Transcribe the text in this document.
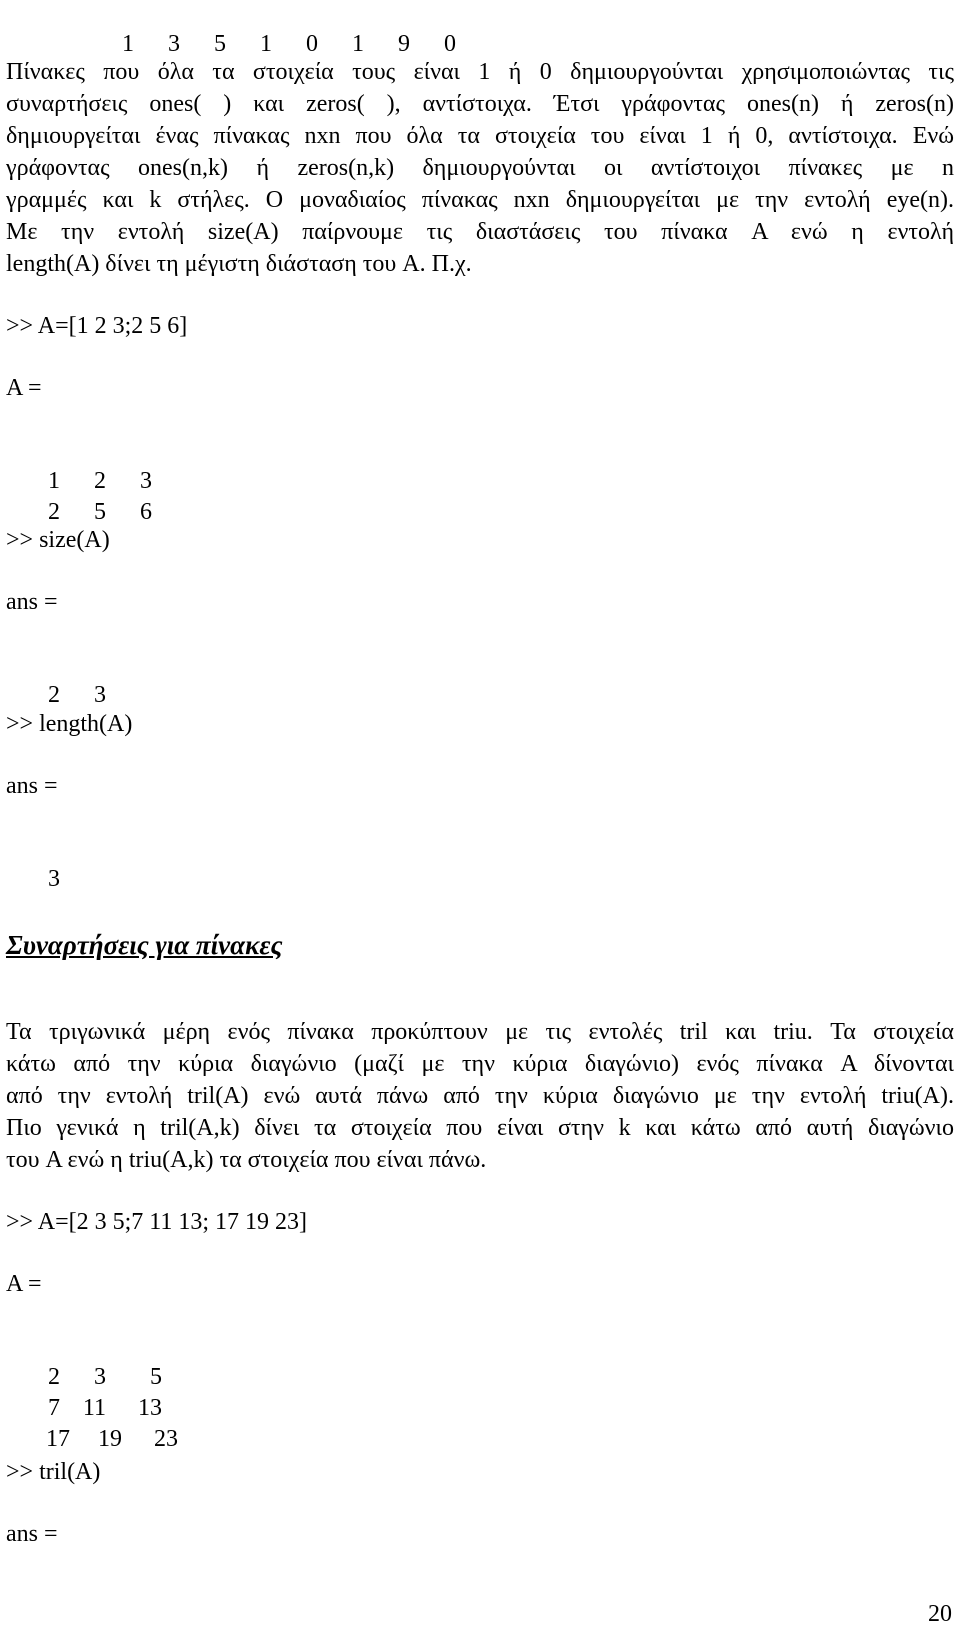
1 3 5 1 0 1 9 0

Πίνακες που όλα τα στοιχεία τους είναι 1 ή 0 δημιουργούνται χρησιμοποιώντας τις
συναρτήσεις ones( ) και zeros( ), αντίστοιχα. Έτσι γράφοντας ones(n) ή zeros(n)
δημιουργείται ένας πίνακας nxn που όλα τα στοιχεία του είναι 1 ή 0, αντίστοιχα. Ενώ
γράφοντας ones(n,k) ή zeros(n,k) δημιουργούνται οι αντίστοιχοι πίνακες με n
γραμμές και k στήλες. Ο μοναδιαίος πίνακας nxn δημιουργείται με την εντολή eye(n).
Με την εντολή size(A) παίρνουμε τις διαστάσεις του πίνακα A ενώ η εντολή
length(A) δίνει τη μέγιστη διάσταση του A. Π.χ.
>> A=[1 2 3;2 5 6]
A =

1 2 3

2 5 6

>> size(A)
ans =

2 3

>> length(A)
ans =

3

Συναρτήσεις για πίνακες
Τα τριγωνικά μέρη ενός πίνακα προκύπτουν με τις εντολές tril και triu. Τα στοιχεία
κάτω από την κύρια διαγώνιο (μαζί με την κύρια διαγώνιο) ενός πίνακα A δίνονται
από την εντολή tril(A) ενώ αυτά πάνω από την κύρια διαγώνιο με την εντολή triu(A).
Πιο γενικά η tril(A,k) δίνει τα στοιχεία που είναι στην k και κάτω από αυτή διαγώνιο
του A ενώ η triu(A,k) τα στοιχεία που είναι πάνω.
>> A=[2 3 5;7 11 13; 17 19 23]
A =

2 3 5

7 11 13

17 19 23

>> tril(A)
ans =
20
